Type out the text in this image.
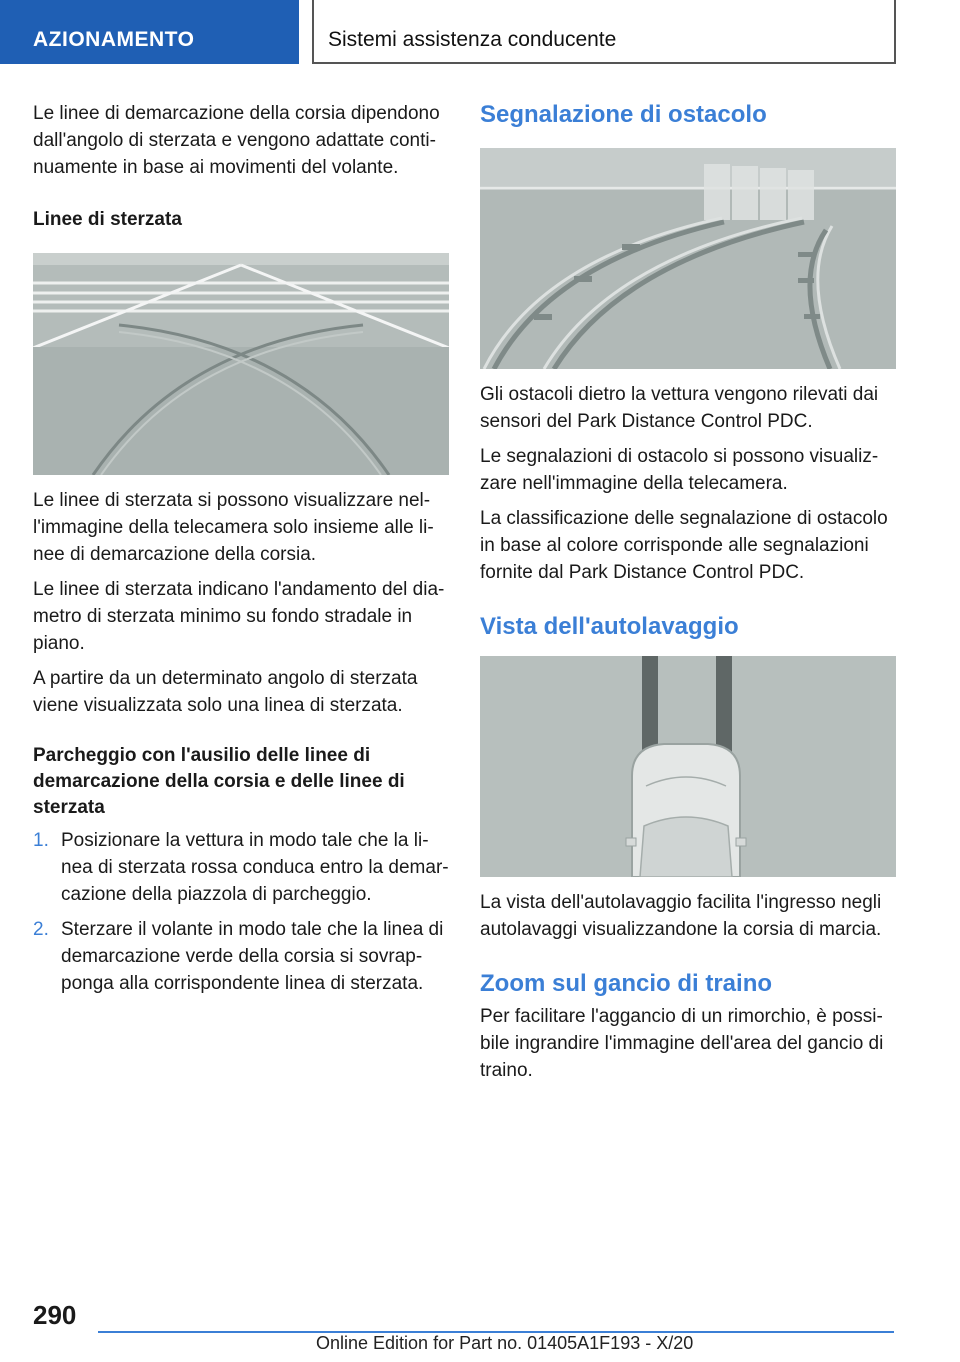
AZIONAMENTO	Sistemi assistenza conducente

Le linee di demarcazione della corsia dipendono dall'angolo di sterzata e vengono adattate conti‐nuamente in base ai movimenti del volante.

Linee di sterzata

Le linee di sterzata si possono visualizzare nel‐l'immagine della telecamera solo insieme alle li‐nee di demarcazione della corsia.

Le linee di sterzata indicano l'andamento del dia‐metro di sterzata minimo su fondo stradale in piano.

A partire da un determinato angolo di sterzata viene visualizzata solo una linea di sterzata.

Parcheggio con l'ausilio delle linee di demarcazione della corsia e delle linee di sterzata
1. Posizionare la vettura in modo tale che la li‐nea di sterzata rossa conduca entro la demar‐cazione della piazzola di parcheggio.
2. Sterzare il volante in modo tale che la linea di demarcazione verde della corsia si sovrap‐ponga alla corrispondente linea di sterzata.
Segnalazione di ostacolo

Gli ostacoli dietro la vettura vengono rilevati dai sensori del Park Distance Control PDC.

Le segnalazioni di ostacolo si possono visualiz‐zare nell'immagine della telecamera.

La classificazione delle segnalazione di ostacolo in base al colore corrisponde alle segnalazioni fornite dal Park Distance Control PDC.

Vista dell'autolavaggio

La vista dell'autolavaggio facilita l'ingresso negli autolavaggi visualizzandone la corsia di marcia.

Zoom sul gancio di traino

Per facilitare l'aggancio di un rimorchio, è possi‐bile ingrandire l'immagine dell'area del gancio di traino.

290
Online Edition for Part no. 01405A1F193 - X/20
